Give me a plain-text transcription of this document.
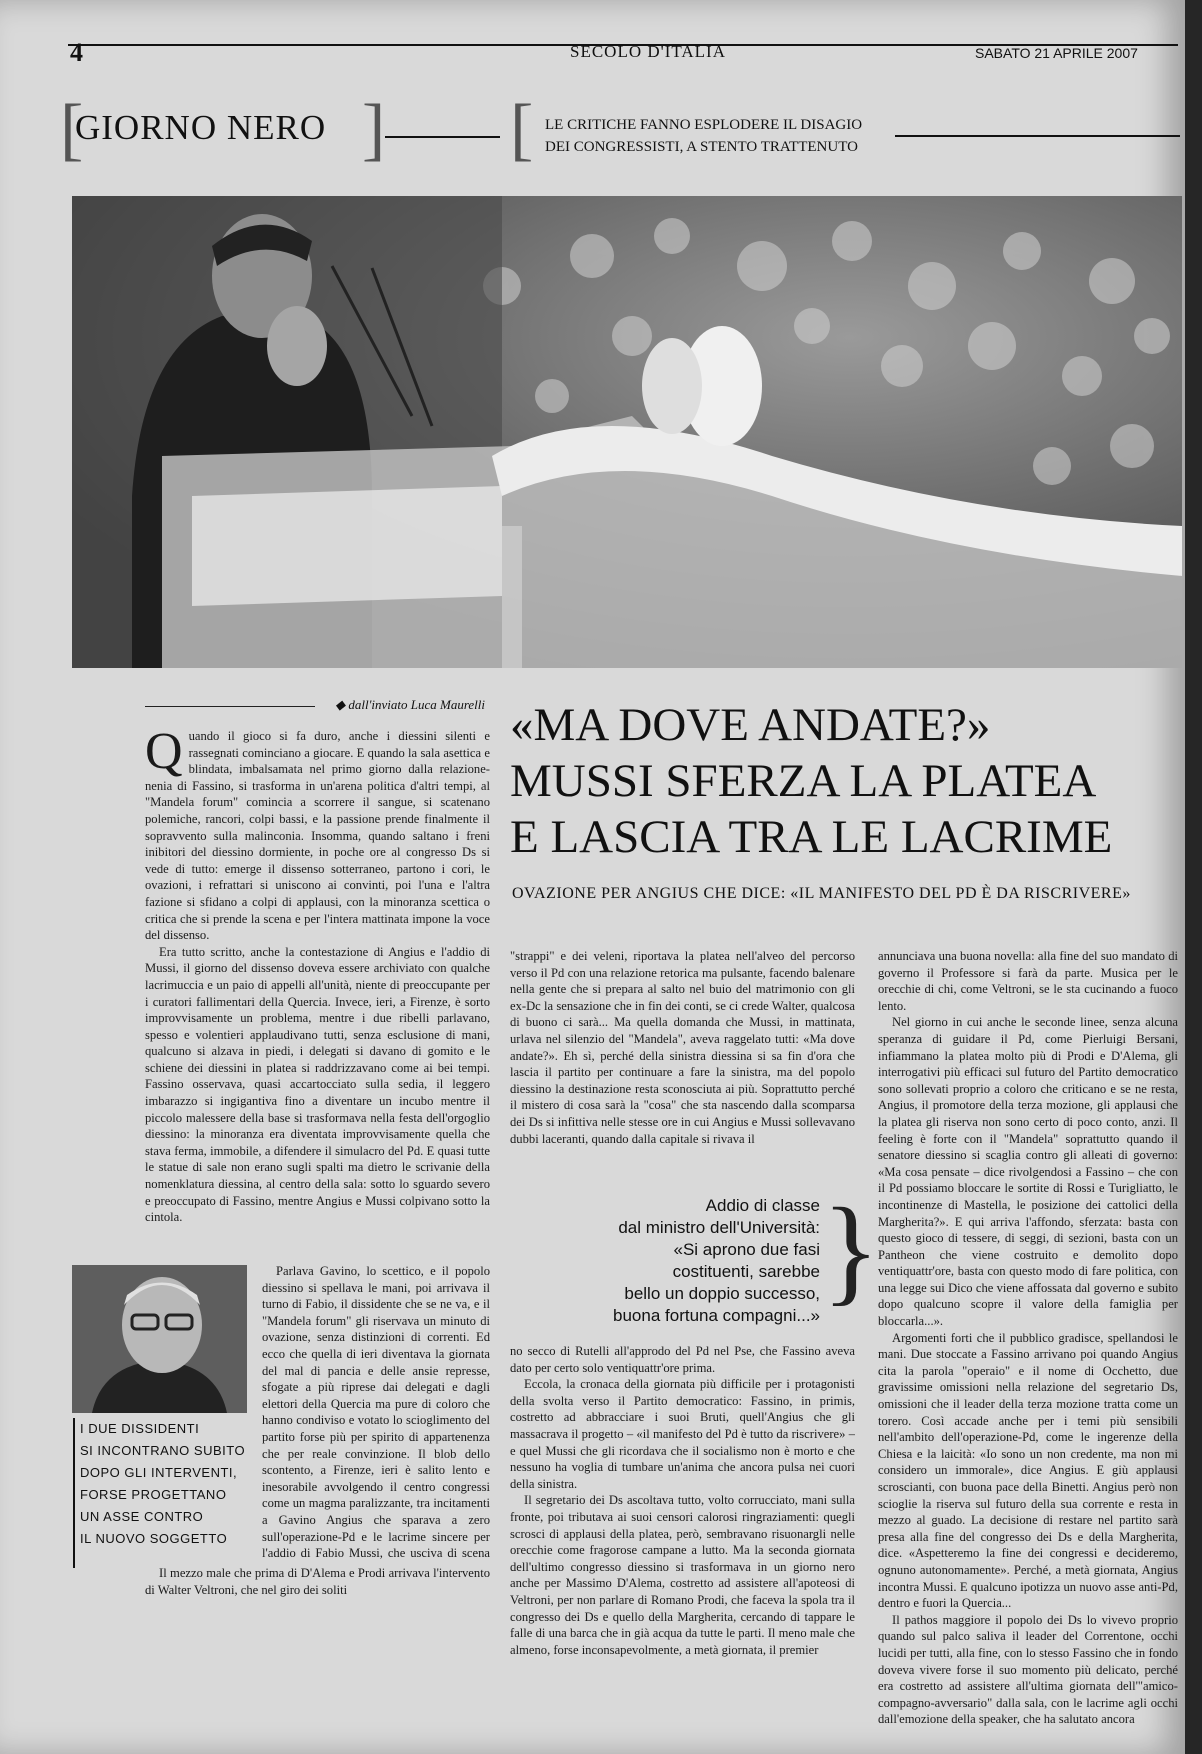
4	SECOLO D'ITALIA	SABATO 21 APRILE 2007
[
GIORNO NERO ] [ LE CRITICHE FANNO ESPLODERE IL DISAGIO
DEI CONGRESSISTI, A STENTO TRATTENUTO
◆ dall'inviato Luca Maurelli «MA DOVE ANDATE?»
MUSSI SFERZA LA PLATEA
E LASCIA TRA LE LACRIME
OVAZIONE PER ANGIUS CHE DICE: «IL MANIFESTO DEL PD È DA RISCRIVERE»

Quando il gioco si fa duro, anche i diessini silenti e rassegnati cominciano a giocare. E quando la sala asettica e blindata, imbalsamata nel primo giorno dalla relazione-nenia di Fassino, si trasforma in un'arena politica d'altri tempi, al "Mandela forum" comincia a scorrere il sangue, si scatenano polemiche, rancori, colpi bassi, e la passione prende finalmente il sopravvento sulla malinconia. Insomma, quando saltano i freni inibitori del diessino dormiente, in poche ore al congresso Ds si vede di tutto: emerge il dissenso sotterraneo, partono i cori, le ovazioni, i refrattari si uniscono ai convinti, poi l'una e l'altra fazione si sfidano a colpi di applausi, con la minoranza scettica o critica che si prende la scena e per l'intera mattinata impone la voce del dissenso.

Era tutto scritto, anche la contestazione di Angius e l'addio di Mussi, il giorno del dissenso doveva essere archiviato con qualche lacrimuccia e un paio di appelli all'unità, niente di preoccupante per i curatori fallimentari della Quercia. Invece, ieri, a Firenze, è sorto improvvisamente un problema, mentre i due ribelli parlavano, spesso e volentieri applaudivano tutti, senza esclusione di mani, qualcuno si alzava in piedi, i delegati si davano di gomito e le schiene dei diessini in platea si raddrizzavano come ai bei tempi. Fassino osservava, quasi accartocciato sulla sedia, il leggero imbarazzo si ingigantiva fino a diventare un incubo mentre il piccolo malessere della base si trasformava nella festa dell'orgoglio diessino: la minoranza era diventata improvvisamente quella che stava ferma, immobile, a difendere il simulacro del Pd. E quasi tutte le statue di sale non erano sugli spalti ma dietro le scrivanie della nomenklatura diessina, al centro della sala: sotto lo sguardo severo e preoccupato di Fassino, mentre Angius e Mussi colpivano sotto la cintola.

Parlava Gavino, lo scettico, e il popolo diessino si spellava le mani, poi arrivava il turno di Fabio, il dissidente che se ne va, e il "Mandela forum" gli riservava un minuto di ovazione, senza distinzioni di correnti. Ed ecco che quella di ieri diventava la giornata del mal di pancia e delle ansie represse, sfogate a più riprese dai delegati e dagli elettori della Quercia ma pure di coloro che hanno condiviso e votato lo scioglimento del partito forse più per spirito di appartenenza che per reale convinzione. Il blob dello scontento, a Firenze, ieri è salito lento e inesorabile avvolgendo il centro congressi come un magma paralizzante, tra incitamenti a Gavino Angius che sparava a zero sull'operazione-Pd e le lacrime sincere per l'addio di Fabio Mussi, che usciva di scena

Il mezzo male che prima di D'Alema e Prodi arrivava l'intervento di Walter Veltroni, che nel giro dei soliti

I DUE DISSIDENTI
SI INCONTRANO SUBITO
DOPO GLI INTERVENTI,
FORSE PROGETTANO
UN ASSE CONTRO
IL NUOVO SOGGETTO

"strappi" e dei veleni, riportava la platea nell'alveo del percorso verso il Pd con una relazione retorica ma pulsante, facendo balenare nella gente che si prepara al salto nel buio del matrimonio con gli ex-Dc la sensazione che in fin dei conti, se ci crede Walter, qualcosa di buono ci sarà... Ma quella domanda che Mussi, in mattinata, urlava nel silenzio del "Mandela", aveva raggelato tutti: «Ma dove andate?». Eh sì, perché della sinistra diessina si sa fin d'ora che lascia il partito per continuare a fare la sinistra, ma del popolo diessino la destinazione resta sconosciuta ai più. Soprattutto perché il mistero di cosa sarà la "cosa" che sta nascendo dalla scomparsa dei Ds si infittiva nelle stesse ore in cui Angius e Mussi sollevavano dubbi laceranti, quando dalla capitale si rivava il

Addio di classe
dal ministro dell'Università:
«Si aprono due fasi
costituenti, sarebbe
bello un doppio successo,
buona fortuna compagni...» }

no secco di Rutelli all'approdo del Pd nel Pse, che Fassino aveva dato per certo solo ventiquattr'ore prima.

Eccola, la cronaca della giornata più difficile per i protagonisti della svolta verso il Partito democratico: Fassino, in primis, costretto ad abbracciare i suoi Bruti, quell'Angius che gli massacrava il progetto – «il manifesto del Pd è tutto da riscrivere» – e quel Mussi che gli ricordava che il socialismo non è morto e che nessuno ha voglia di tumbare un'anima che ancora pulsa nei cuori della sinistra.

Il segretario dei Ds ascoltava tutto, volto corrucciato, mani sulla fronte, poi tributava ai suoi censori calorosi ringraziamenti: quegli scrosci di applausi della platea, però, sembravano risuonargli nelle orecchie come fragorose campane a lutto. Ma la seconda giornata dell'ultimo congresso diessino si trasformava in un giorno nero anche per Massimo D'Alema, costretto ad assistere all'apoteosi di Veltroni, per non parlare di Romano Prodi, che faceva la spola tra il congresso dei Ds e quello della Margherita, cercando di tappare le falle di una barca che in già acqua da tutte le parti. Il meno male che almeno, forse inconsapevolmente, a metà giornata, il premier

annunciava una buona novella: alla fine del suo mandato di governo il Professore si farà da parte. Musica per le orecchie di chi, come Veltroni, se le sta cucinando a fuoco lento.

Nel giorno in cui anche le seconde linee, senza alcuna speranza di guidare il Pd, come Pierluigi Bersani, infiammano la platea molto più di Prodi e D'Alema, gli interrogativi più efficaci sul futuro del Partito democratico sono sollevati proprio a coloro che criticano e se ne resta, Angius, il promotore della terza mozione, gli applausi che la platea gli riserva non sono certo di poco conto, anzi. Il feeling è forte con il "Mandela" soprattutto quando il senatore diessino si scaglia contro gli alleati di governo: «Ma cosa pensate – dice rivolgendosi a Fassino – che con il Pd possiamo bloccare le sortite di Rossi e Turigliatto, le incontinenze di Mastella, le posizione dei cattolici della Margherita?». E qui arriva l'affondo, sferzata: basta con questo gioco di tessere, di seggi, di sezioni, basta con un Pantheon che viene costruito e demolito dopo ventiquattr'ore, basta con questo modo di fare politica, con una legge sui Dico che viene affossata dal governo e subito dopo qualcuno scopre il valore della famiglia per bloccarla...».

Argomenti forti che il pubblico gradisce, spellandosi le mani. Due stoccate a Fassino arrivano poi quando Angius cita la parola "operaio" e il nome di Occhetto, due gravissime omissioni nella relazione del segretario Ds, omissioni che il leader della terza mozione tratta come un torero. Così accade anche per i temi più sensibili nell'ambito dell'operazione-Pd, come le ingerenze della Chiesa e la laicità: «Io sono un non credente, ma non mi considero un immorale», dice Angius. E giù applausi scroscianti, con buona pace della Binetti. Angius però non scioglie la riserva sul futuro della sua corrente e resta in mezzo al guado. La decisione di restare nel partito sarà presa alla fine del congresso dei Ds e della Margherita, dice. «Aspetteremo la fine dei congressi e decideremo, ognuno autonomamente». Perché, a metà giornata, Angius incontra Mussi. E qualcuno ipotizza un nuovo asse anti-Pd, dentro e fuori la Quercia...

Il pathos maggiore il popolo dei Ds lo vivevo proprio quando sul palco saliva il leader del Correntone, occhi lucidi per tutti, alla fine, con lo stesso Fassino che in fondo doveva vivere forse il suo momento più delicato, perché era costretto ad assistere all'ultima giornata dell'"amico-compagno-avversario" dalla sala, con le lacrime agli occhi dall'emozione della speaker, che ha salutato ancora
